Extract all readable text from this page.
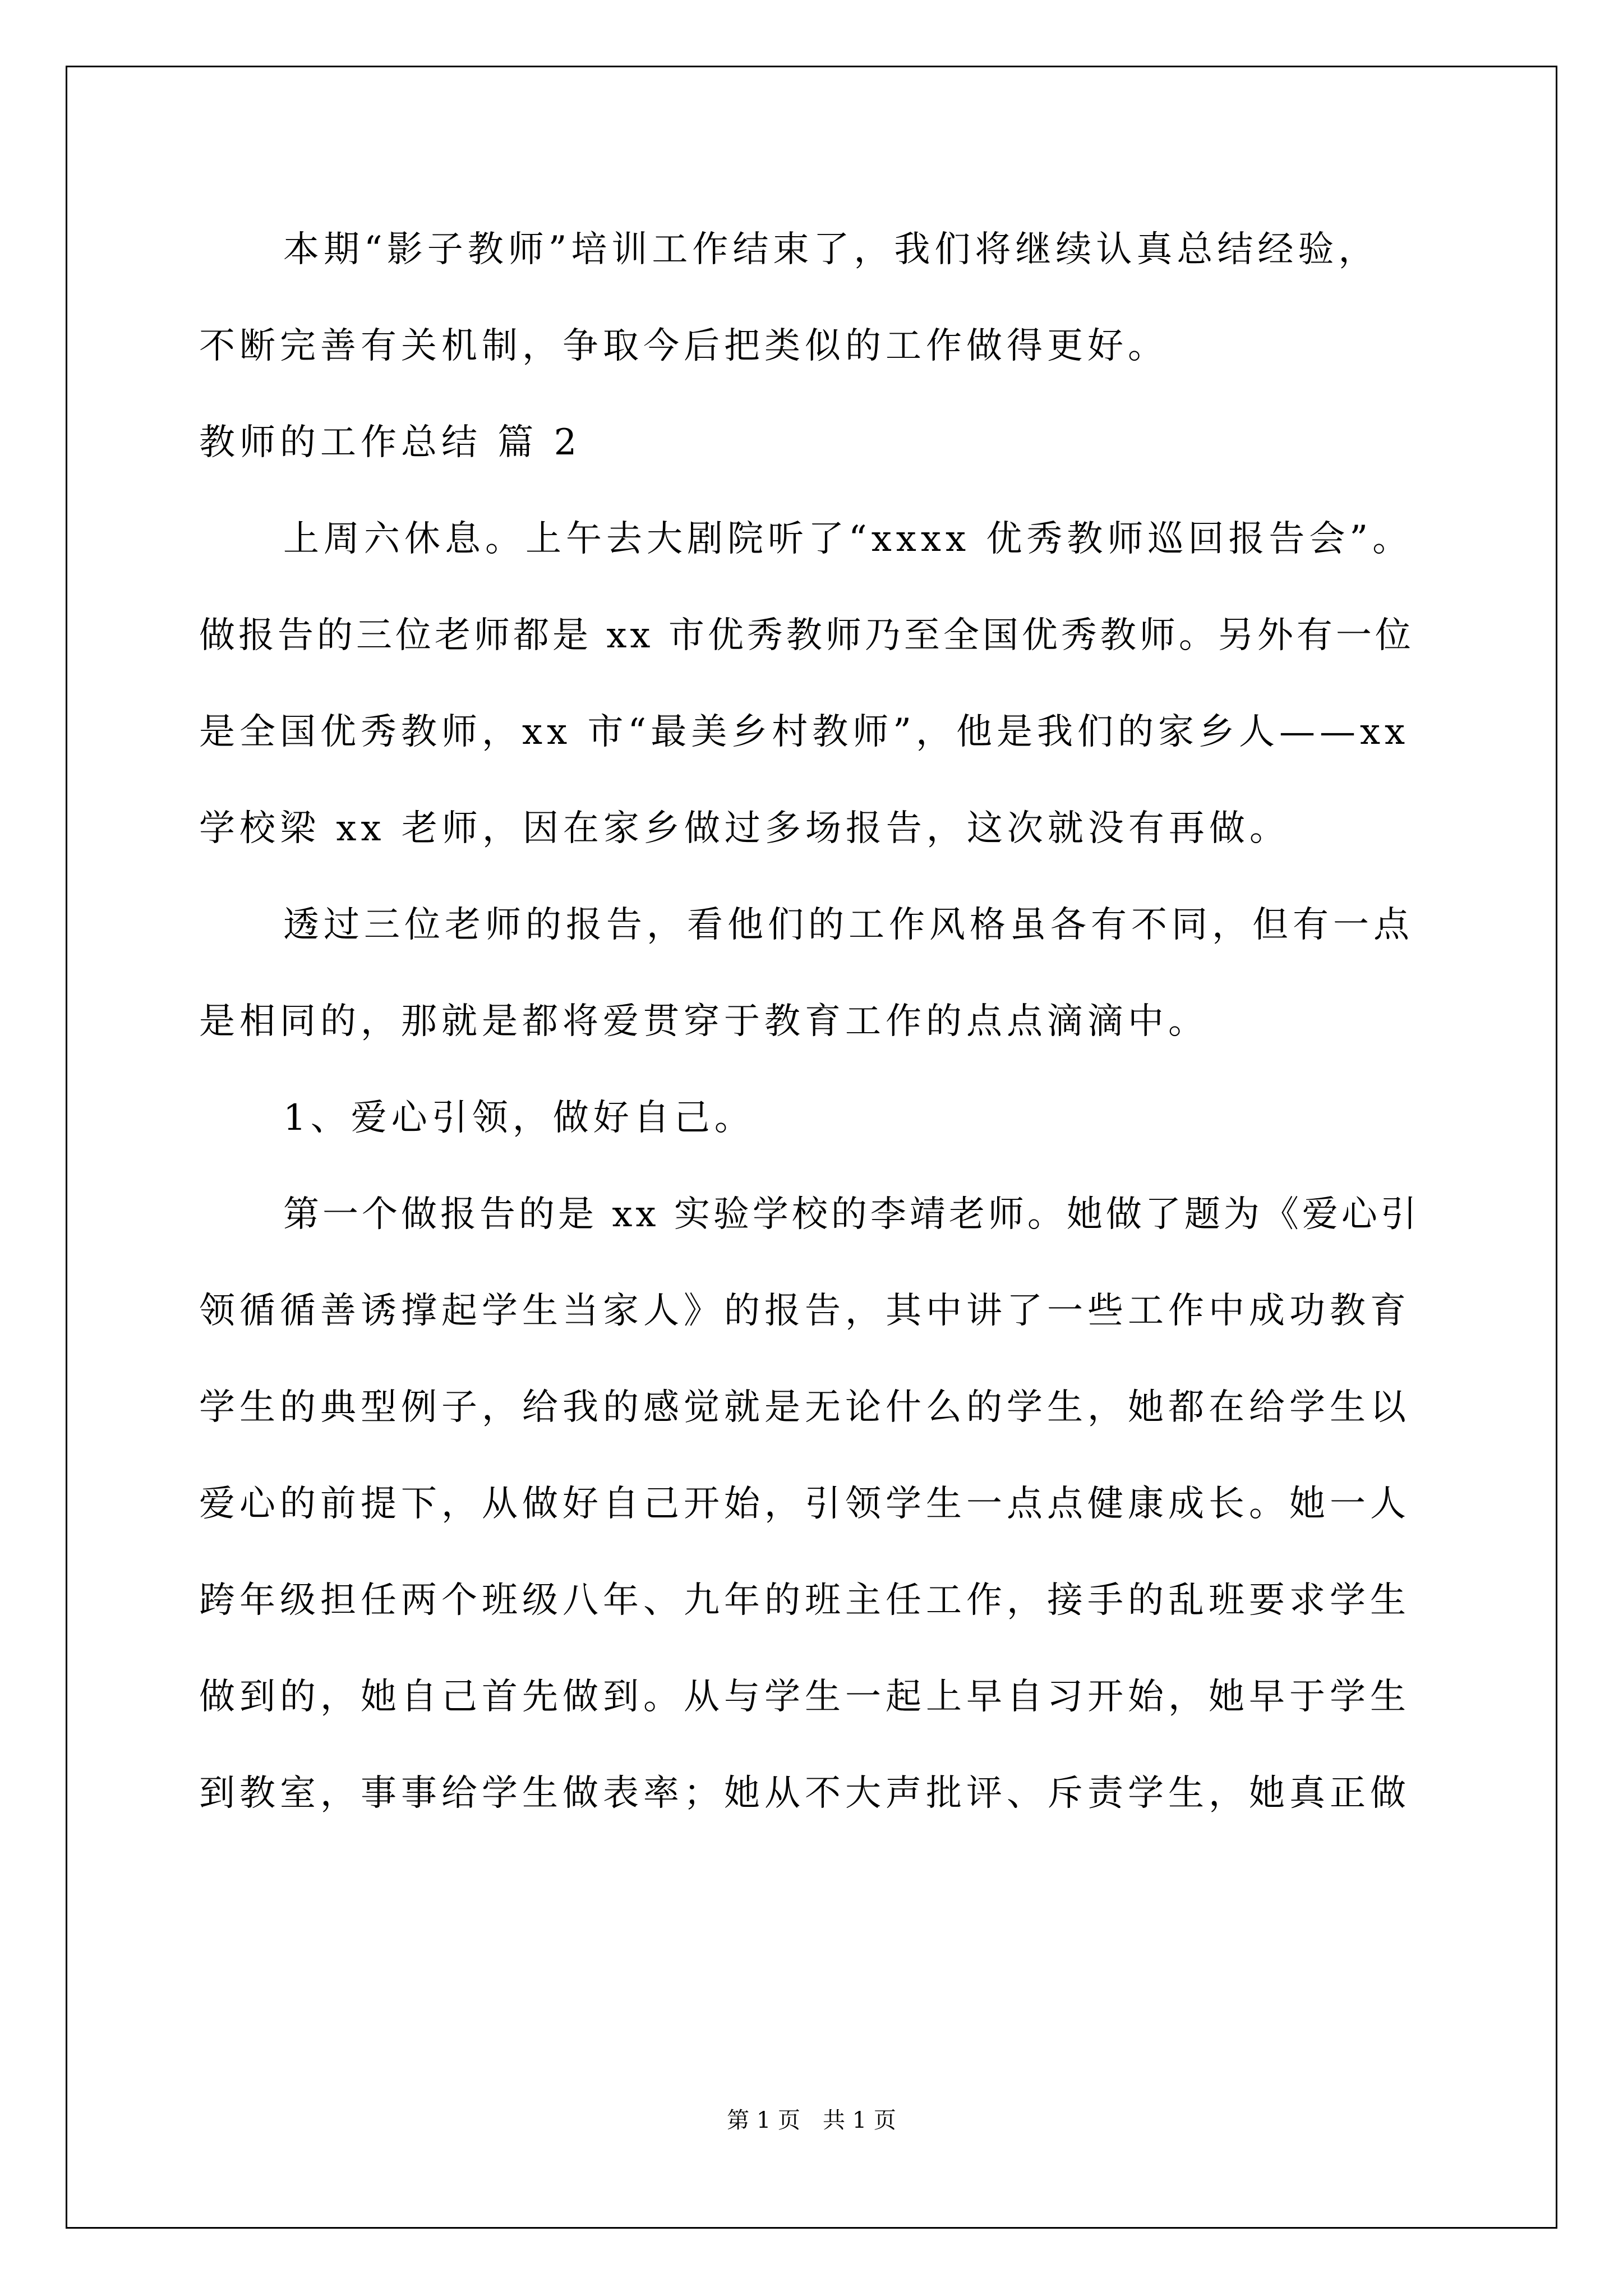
本期“影子教师”培训工作结束了，我们将继续认真总结经验，
不断完善有关机制，争取今后把类似的工作做得更好。
教师的工作总结 篇 2
上周六休息。上午去大剧院听了“xxxx 优秀教师巡回报告会”。
做报告的三位老师都是 xx 市优秀教师乃至全国优秀教师。另外有一位
是全国优秀教师，xx 市“最美乡村教师”，他是我们的家乡人——xx
学校梁 xx 老师，因在家乡做过多场报告，这次就没有再做。
透过三位老师的报告，看他们的工作风格虽各有不同，但有一点
是相同的，那就是都将爱贯穿于教育工作的点点滴滴中。
1、爱心引领，做好自己。
第一个做报告的是 xx 实验学校的李靖老师。她做了题为《爱心引
领循循善诱撑起学生当家人》的报告，其中讲了一些工作中成功教育
学生的典型例子，给我的感觉就是无论什么的学生，她都在给学生以
爱心的前提下，从做好自己开始，引领学生一点点健康成长。她一人
跨年级担任两个班级八年、九年的班主任工作，接手的乱班要求学生
做到的，她自己首先做到。从与学生一起上早自习开始，她早于学生
到教室，事事给学生做表率；她从不大声批评、斥责学生，她真正做
第 1 页　共 1 页
